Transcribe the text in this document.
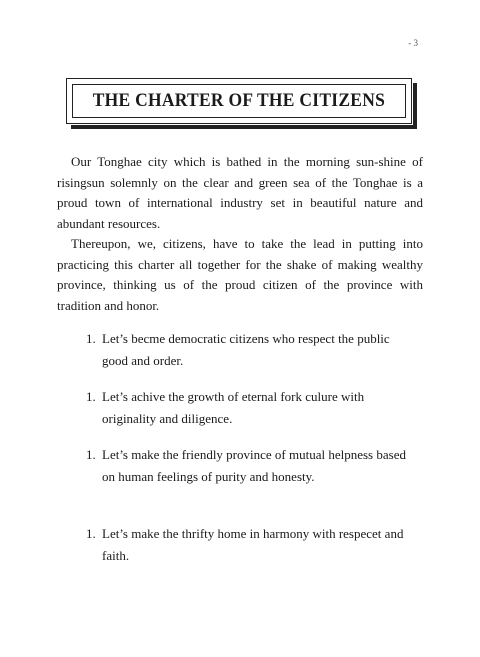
- 3
THE CHARTER OF THE CITIZENS

Our Tonghae city which is bathed in the morning sun-shine of risingsun solemnly on the clear and green sea of the Tonghae is a proud town of international industry set in beautiful nature and abundant resources.

Thereupon, we, citizens, have to take the lead in putting into practicing this charter all together for the shake of making wealthy province, thinking us of the proud citizen of the province with tradition and honor.

1. Let’s becme democratic citizens who respect the public good and order.
1. Let’s achive the growth of eternal fork culure with originality and diligence.
1. Let’s make the friendly province of mutual helpness based on human feelings of purity and honesty.
1. Let’s make the thrifty home in harmony with respecet and faith.
